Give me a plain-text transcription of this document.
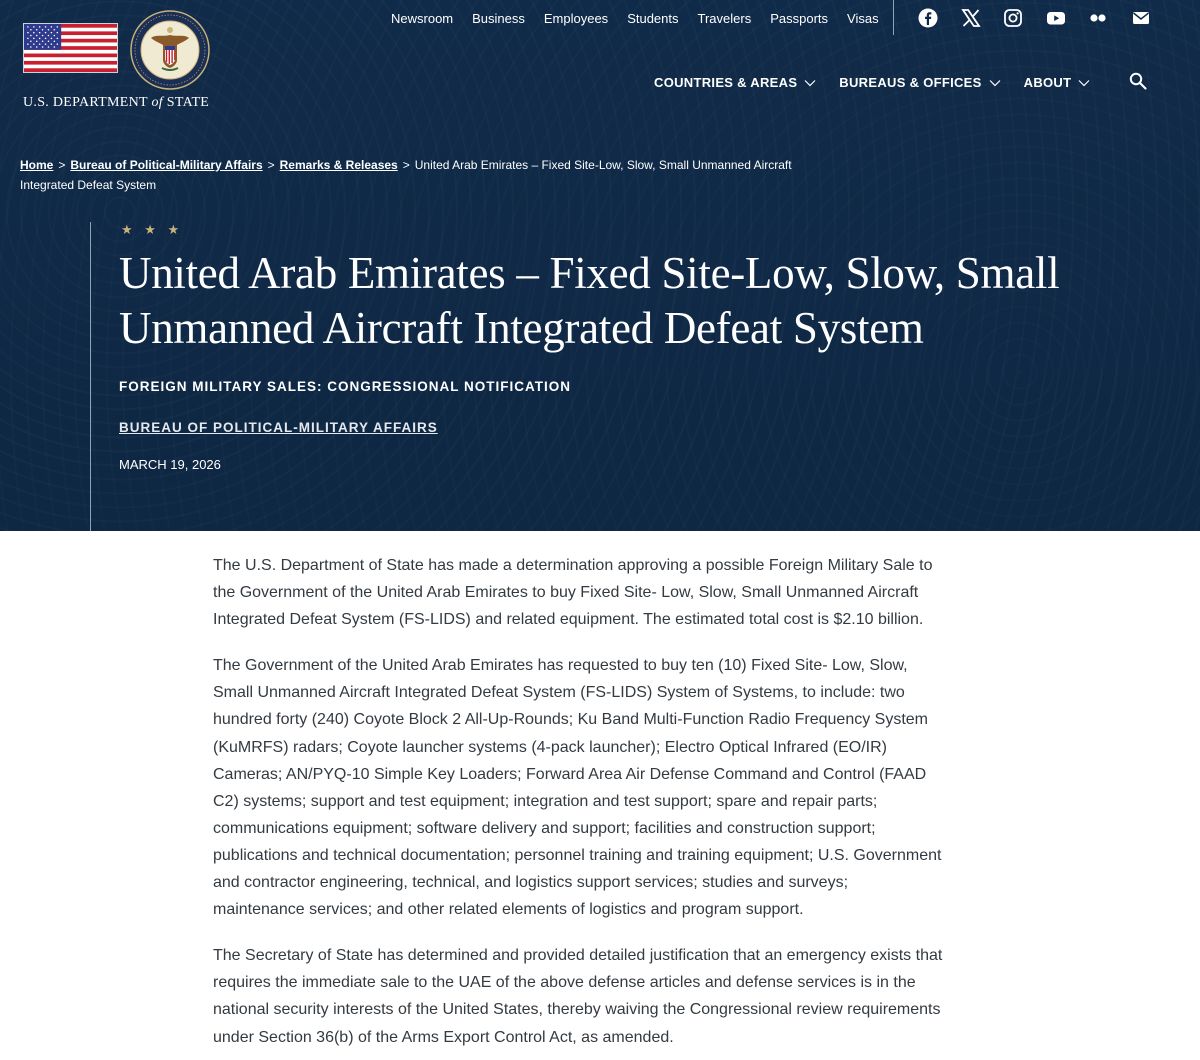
U.S. DEPARTMENT of STATE
Newsroom Business Employees Students Travelers Passports Visas
COUNTRIES & AREAS	BUREAUS & OFFICES	ABOUT
Home > Bureau of Political-Military Affairs > Remarks & Releases > United Arab Emirates – Fixed Site-Low, Slow, Small Unmanned Aircraft Integrated Defeat System
★ ★ ★
United Arab Emirates – Fixed Site-Low, Slow, Small Unmanned Aircraft Integrated Defeat System
FOREIGN MILITARY SALES: CONGRESSIONAL NOTIFICATION
BUREAU OF POLITICAL-MILITARY AFFAIRS
MARCH 19, 2026

The U.S. Department of State has made a determination approving a possible Foreign Military Sale to the Government of the United Arab Emirates to buy Fixed Site- Low, Slow, Small Unmanned Aircraft Integrated Defeat System (FS-LIDS) and related equipment. The estimated total cost is $2.10 billion.

The Government of the United Arab Emirates has requested to buy ten (10) Fixed Site- Low, Slow, Small Unmanned Aircraft Integrated Defeat System (FS-LIDS) System of Systems, to include: two hundred forty (240) Coyote Block 2 All-Up-Rounds; Ku Band Multi-Function Radio Frequency System (KuMRFS) radars; Coyote launcher systems (4-pack launcher); Electro Optical Infrared (EO/IR) Cameras; AN/PYQ-10 Simple Key Loaders; Forward Area Air Defense Command and Control (FAAD C2) systems; support and test equipment; integration and test support; spare and repair parts; communications equipment; software delivery and support; facilities and construction support; publications and technical documentation; personnel training and training equipment; U.S. Government and contractor engineering, technical, and logistics support services; studies and surveys; maintenance services; and other related elements of logistics and program support.

The Secretary of State has determined and provided detailed justification that an emergency exists that requires the immediate sale to the UAE of the above defense articles and defense services is in the national security interests of the United States, thereby waiving the Congressional review requirements under Section 36(b) of the Arms Export Control Act, as amended.
